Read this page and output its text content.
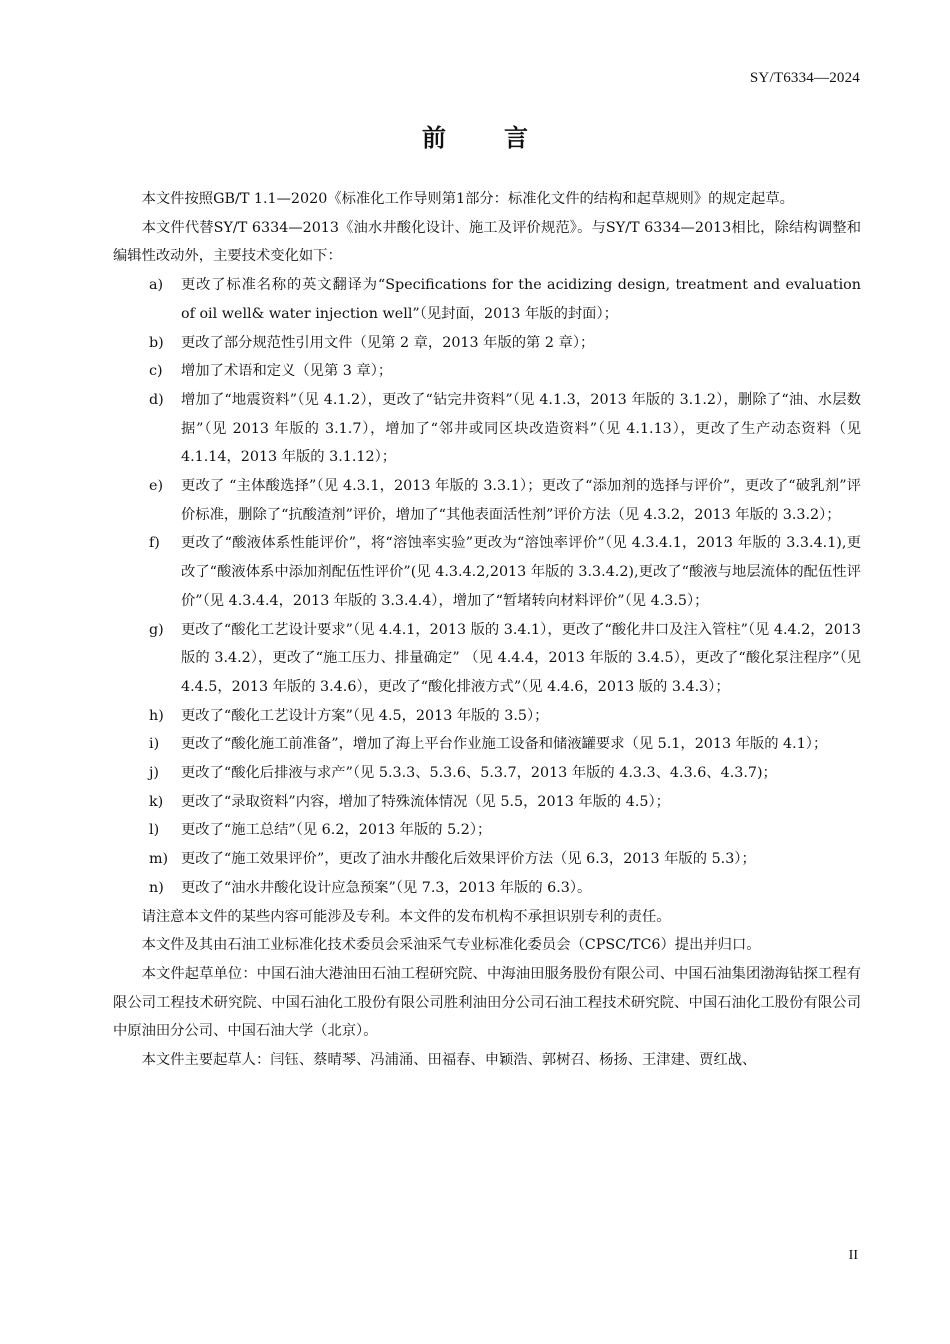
SY/T6334—2024
前言

本文件按照GB/T 1.1—2020《标准化工作导则第1部分：标准化文件的结构和起草规则》的规定起草。

本文件代替SY/T 6334—2013《油水井酸化设计、施工及评价规范》。与SY/T 6334—2013相比，除结构调整和编辑性改动外，主要技术变化如下：

a)	更改了标准名称的英文翻译为“Specifications for the acidizing design, treatment and evaluation of oil well& water injection well”（见封面，2013 年版的封面）；
b)	更改了部分规范性引用文件（见第 2 章，2013 年版的第 2 章）；
c)	增加了术语和定义（见第 3 章）；
d)	增加了“地震资料”（见 4.1.2），更改了“钻完井资料”（见 4.1.3，2013 年版的 3.1.2），删除了“油、水层数据”（见 2013 年版的 3.1.7），增加了“邻井或同区块改造资料”（见 4.1.13），更改了生产动态资料（见 4.1.14，2013 年版的 3.1.12）；
e)	更改了 “主体酸选择”（见 4.3.1，2013 年版的 3.3.1）；更改了“添加剂的选择与评价”，更改了“破乳剂”评价标准，删除了“抗酸渣剂”评价，增加了“其他表面活性剂”评价方法（见 4.3.2，2013 年版的 3.3.2）；
f)	更改了“酸液体系性能评价”，将“溶蚀率实验”更改为“溶蚀率评价”（见 4.3.4.1，2013 年版的 3.3.4.1),更改了“酸液体系中添加剂配伍性评价”(见 4.3.4.2,2013 年版的 3.3.4.2),更改了“酸液与地层流体的配伍性评价”（见 4.3.4.4，2013 年版的 3.3.4.4），增加了“暂堵转向材料评价”（见 4.3.5）；
g)	更改了“酸化工艺设计要求”（见 4.4.1，2013 版的 3.4.1），更改了“酸化井口及注入管柱”（见 4.4.2，2013 版的 3.4.2），更改了“施工压力、排量确定” （见 4.4.4，2013 年版的 3.4.5），更改了“酸化泵注程序”（见 4.4.5，2013 年版的 3.4.6），更改了“酸化排液方式”（见 4.4.6，2013 版的 3.4.3）；
h)	更改了“酸化工艺设计方案”（见 4.5，2013 年版的 3.5）；
i)	更改了“酸化施工前准备”，增加了海上平台作业施工设备和储液罐要求（见 5.1，2013 年版的 4.1）；
j)	更改了“酸化后排液与求产”（见 5.3.3、5.3.6、5.3.7，2013 年版的 4.3.3、4.3.6、4.3.7)；
k)	更改了“录取资料”内容，增加了特殊流体情况（见 5.5，2013 年版的 4.5）；
l)	更改了“施工总结”（见 6.2，2013 年版的 5.2）；
m) 更改了“施工效果评价”，更改了油水井酸化后效果评价方法（见 6.3，2013 年版的 5.3）；
n)	更改了“油水井酸化设计应急预案”（见 7.3，2013 年版的 6.3）。

请注意本文件的某些内容可能涉及专利。本文件的发布机构不承担识别专利的责任。

本文件及其由石油工业标准化技术委员会采油采气专业标准化委员会（CPSC/TC6）提出并归口。

本文件起草单位：中国石油大港油田石油工程研究院、中海油田服务股份有限公司、中国石油集团渤海钻探工程有限公司工程技术研究院、中国石油化工股份有限公司胜利油田分公司石油工程技术研究院、中国石油化工股份有限公司中原油田分公司、中国石油大学（北京）。

本文件主要起草人：闫钰、蔡晴琴、冯浦涌、田福春、申颖浩、郭树召、杨扬、王津建、贾红战、

II
